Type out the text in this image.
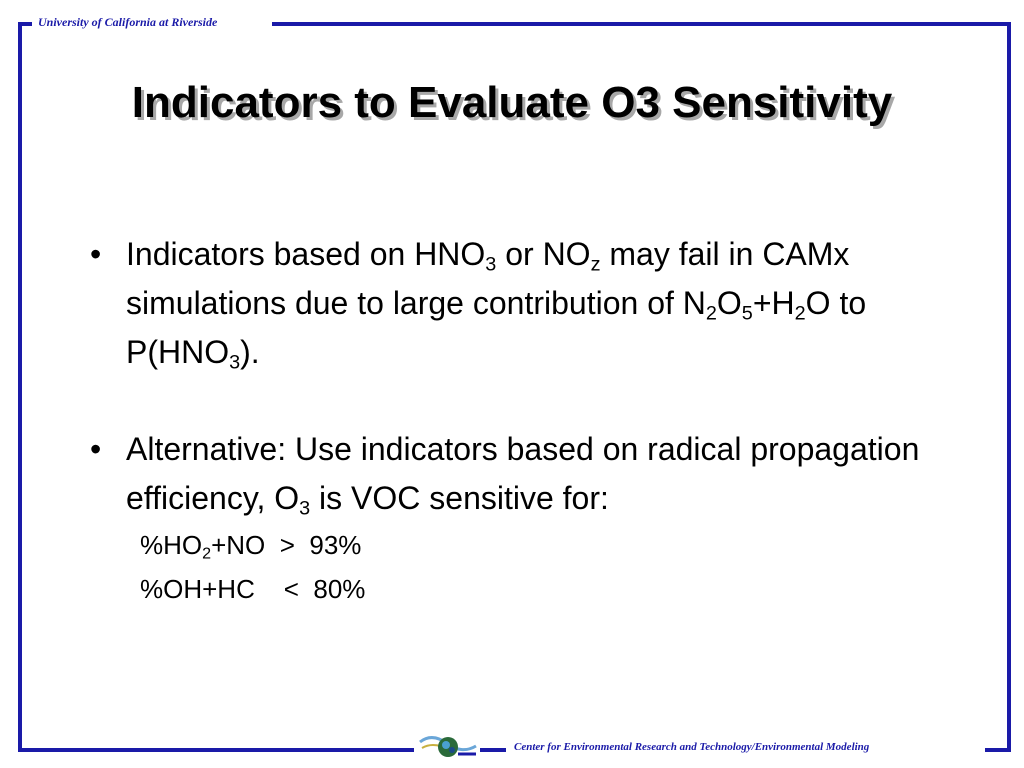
University of California at Riverside
Indicators to Evaluate O3 Sensitivity
• Indicators based on $HNO_3$ or $NO_z$ may fail in CAMx simulations due to large contribution of $N_2O_5+H_2O$ to $P(HNO_3)$.
• Alternative: Use indicators based on radical propagation efficiency, $O_3$ is VOC sensitive for:
$\%HO_2+NO > 93\%$
%OH+HC    <  80%
Center for Environmental Research and Technology/Environmental Modeling
